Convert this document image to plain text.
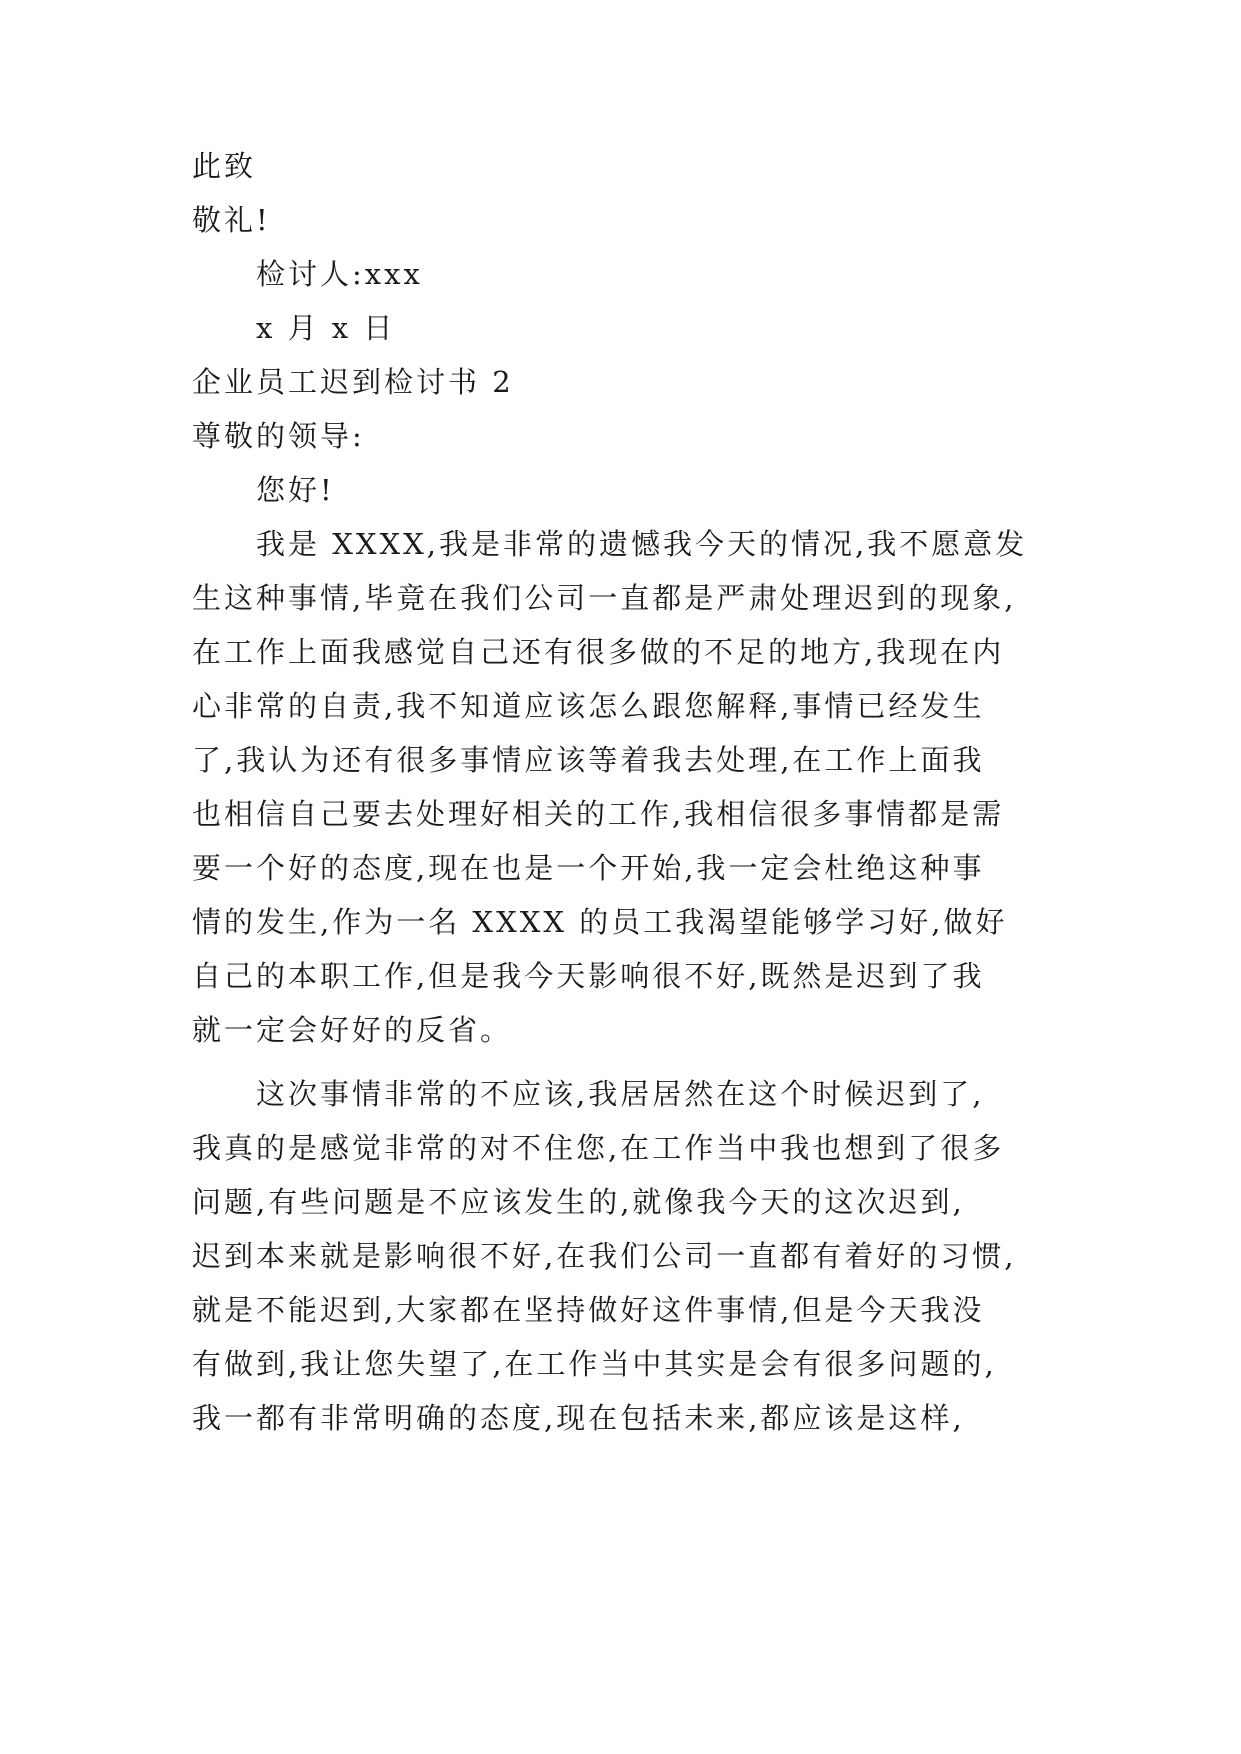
此致
敬礼!
检讨人:xxx
x 月 x 日
企业员工迟到检讨书 2
尊敬的领导:
您好!
我是 XXXX,我是非常的遗憾我今天的情况,我不愿意发
生这种事情,毕竟在我们公司一直都是严肃处理迟到的现象,
在工作上面我感觉自己还有很多做的不足的地方,我现在内
心非常的自责,我不知道应该怎么跟您解释,事情已经发生
了,我认为还有很多事情应该等着我去处理,在工作上面我
也相信自己要去处理好相关的工作,我相信很多事情都是需
要一个好的态度,现在也是一个开始,我一定会杜绝这种事
情的发生,作为一名 XXXX 的员工我渴望能够学习好,做好
自己的本职工作,但是我今天影响很不好,既然是迟到了我
就一定会好好的反省。
这次事情非常的不应该,我居居然在这个时候迟到了,
我真的是感觉非常的对不住您,在工作当中我也想到了很多
问题,有些问题是不应该发生的,就像我今天的这次迟到,
迟到本来就是影响很不好,在我们公司一直都有着好的习惯,
就是不能迟到,大家都在坚持做好这件事情,但是今天我没
有做到,我让您失望了,在工作当中其实是会有很多问题的,
我一都有非常明确的态度,现在包括未来,都应该是这样,
